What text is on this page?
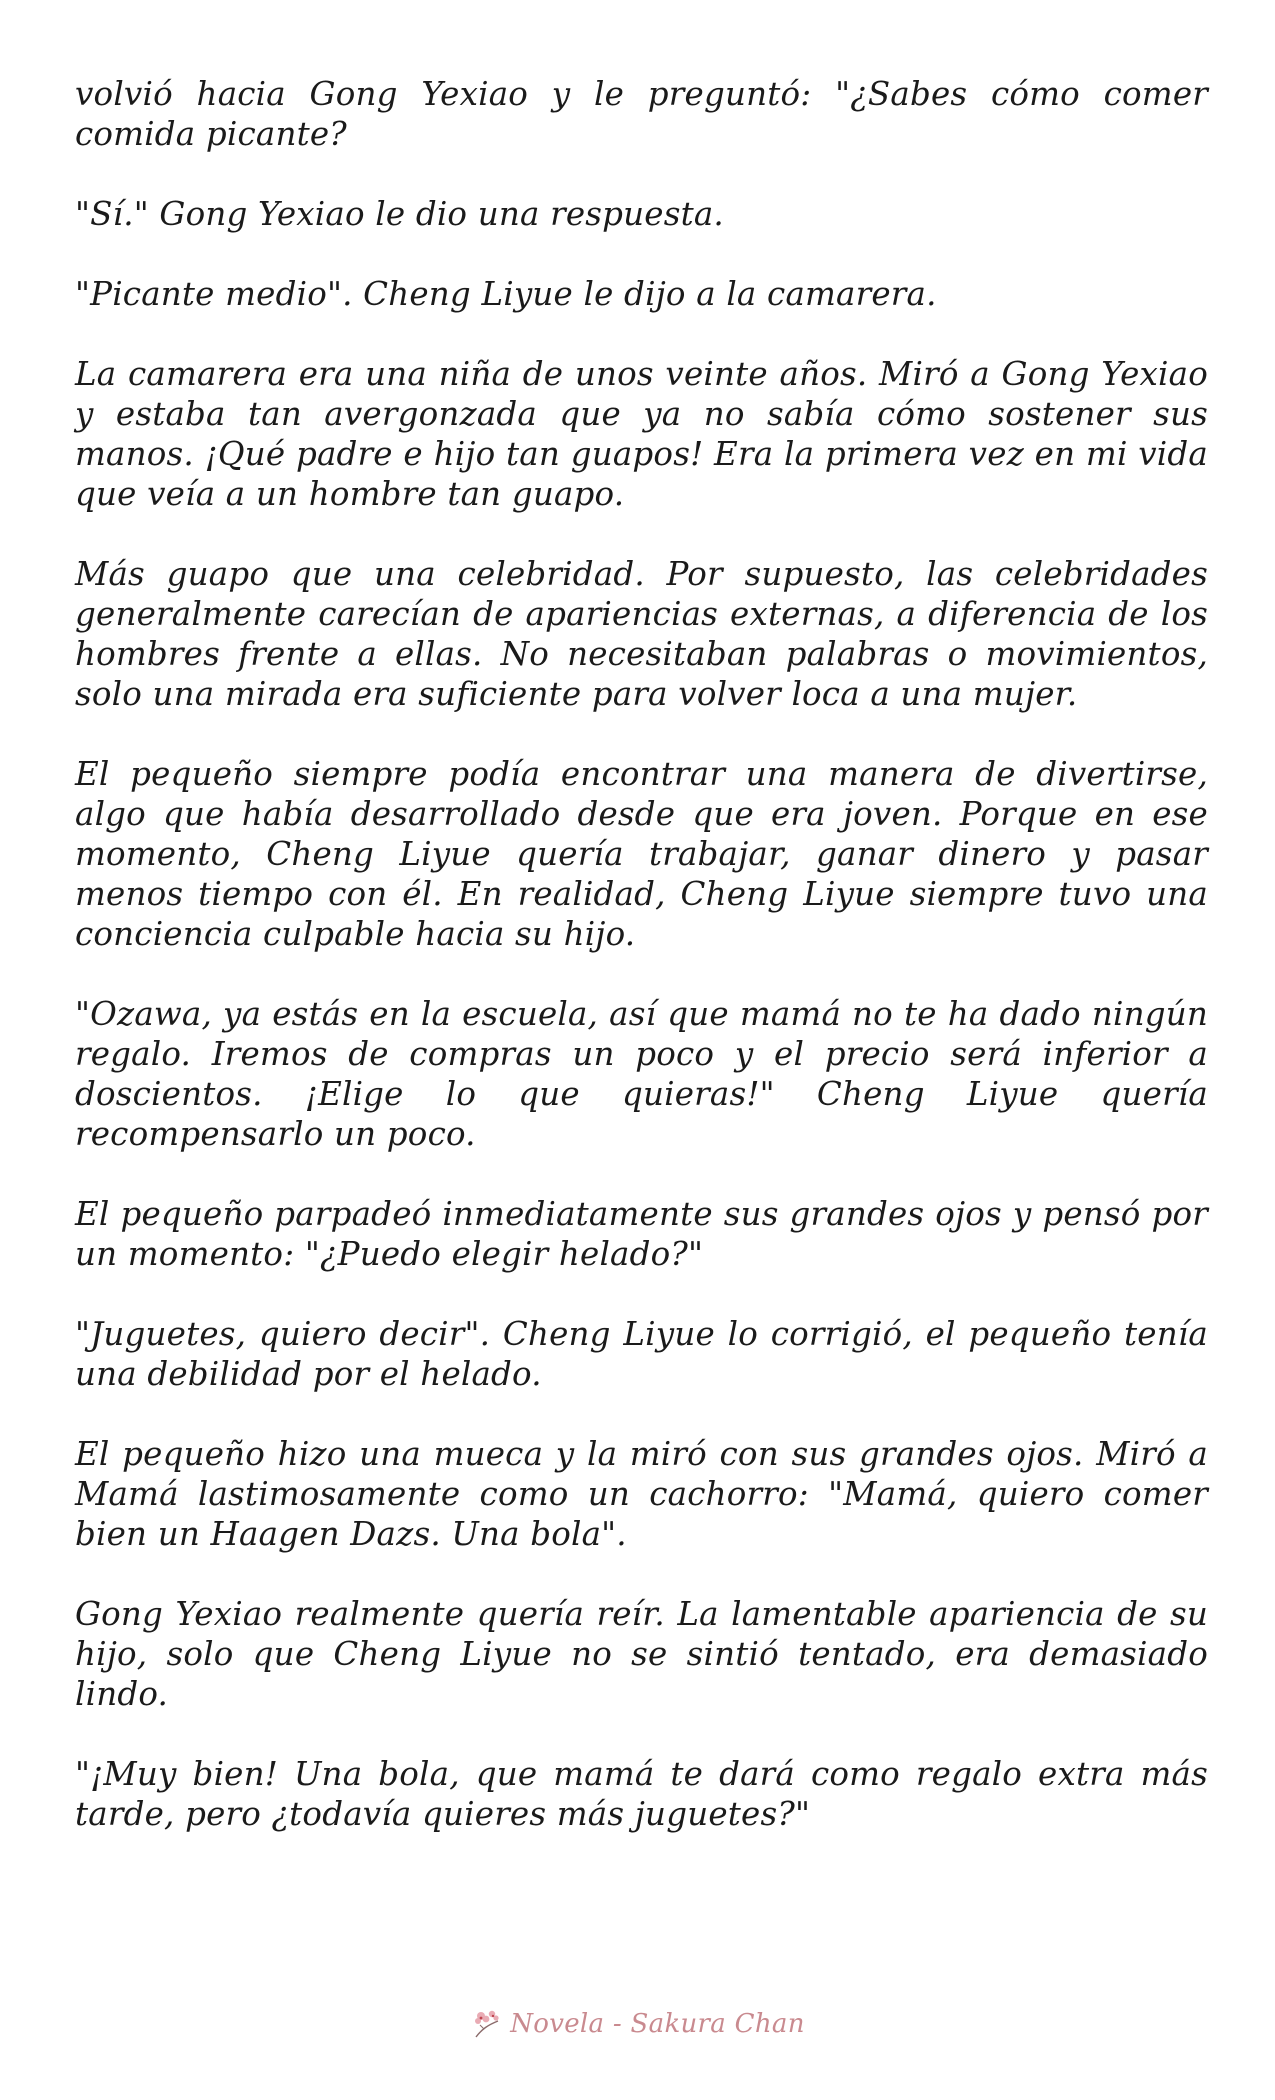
volvió hacia Gong Yexiao y le preguntó: "¿Sabes cómo comer comida picante?

"Sí." Gong Yexiao le dio una respuesta.

"Picante medio". Cheng Liyue le dijo a la camarera.

La camarera era una niña de unos veinte años. Miró a Gong Yexiao y estaba tan avergonzada que ya no sabía cómo sostener sus manos. ¡Qué padre e hijo tan guapos! Era la primera vez en mi vida que veía a un hombre tan guapo.

Más guapo que una celebridad. Por supuesto, las celebridades generalmente carecían de apariencias externas, a diferencia de los hombres frente a ellas. No necesitaban palabras o movimientos, solo una mirada era suficiente para volver loca a una mujer.

El pequeño siempre podía encontrar una manera de divertirse, algo que había desarrollado desde que era joven. Porque en ese momento, Cheng Liyue quería trabajar, ganar dinero y pasar menos tiempo con él. En realidad, Cheng Liyue siempre tuvo una conciencia culpable hacia su hijo.

"Ozawa, ya estás en la escuela, así que mamá no te ha dado ningún regalo. Iremos de compras un poco y el precio será inferior a doscientos. ¡Elige lo que quieras!" Cheng Liyue quería recompensarlo un poco.

El pequeño parpadeó inmediatamente sus grandes ojos y pensó por un momento: "¿Puedo elegir helado?"

"Juguetes, quiero decir". Cheng Liyue lo corrigió, el pequeño tenía una debilidad por el helado.

El pequeño hizo una mueca y la miró con sus grandes ojos. Miró a Mamá lastimosamente como un cachorro: "Mamá, quiero comer bien un Haagen Dazs. Una bola".

Gong Yexiao realmente quería reír. La lamentable apariencia de su hijo, solo que Cheng Liyue no se sintió tentado, era demasiado lindo.

"¡Muy bien! Una bola, que mamá te dará como regalo extra más tarde, pero ¿todavía quieres más juguetes?"

Novela - Sakura Chan
